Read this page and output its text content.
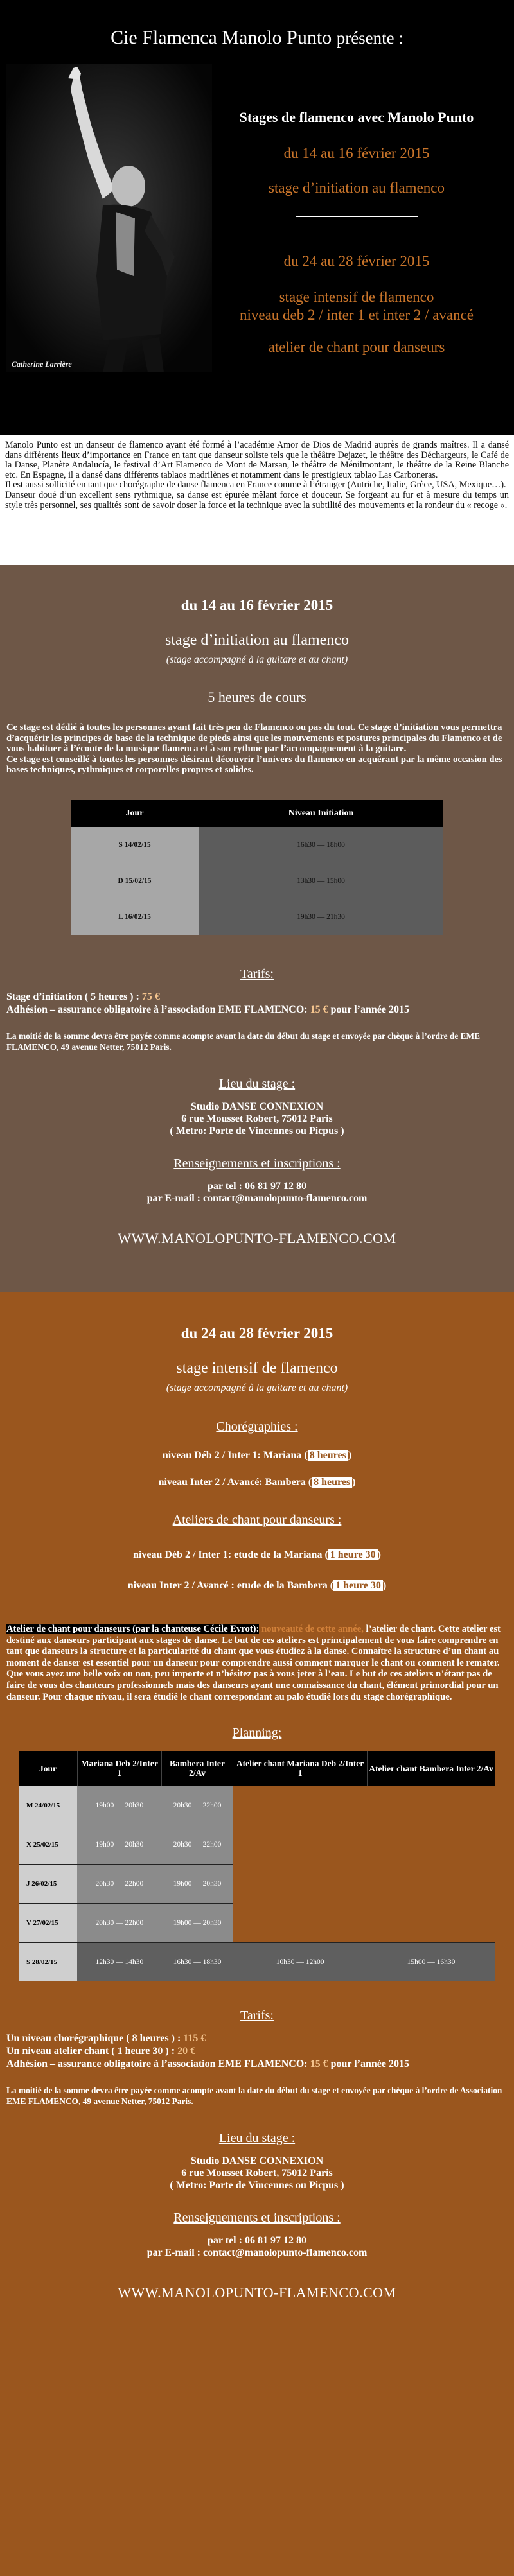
Cie Flamenca Manolo Punto présente :
Catherine Larrière
Stages de flamenco avec Manolo Punto
du 14 au 16 février 2015
stage d’initiation au flamenco
du 24 au 28 février 2015
stage intensif de flamenco
niveau deb 2 / inter 1 et inter 2 / avancé
atelier de chant pour danseurs

Manolo Punto est un danseur de flamenco ayant été formé à l’académie Amor de Dios de Madrid auprès de grands maîtres. Il a dansé dans différents lieux d’importance en France en tant que danseur soliste tels que le théâtre Dejazet, le théâtre des Déchargeurs, le Café de la Danse, Planète Andalucía, le festival d’Art Flamenco de Mont de Marsan, le théâtre de Ménilmontant, le théâtre de la Reine Blanche etc. En Espagne, il a dansé dans différents tablaos madrilènes et notamment dans le prestigieux tablao Las Carboneras.

Il est aussi sollicité en tant que chorégraphe de danse flamenca en France comme à l’étranger (Autriche, Italie, Grèce, USA, Mexique…).

Danseur doué d’un excellent sens rythmique, sa danse est épurée mêlant force et douceur. Se forgeant au fur et à mesure du temps un style très personnel, ses qualités sont de savoir doser la force et la technique avec la subtilité des mouvements et la rondeur du « recoge ».

du 14 au 16 février 2015
stage d’initiation au flamenco
(stage accompagné à la guitare et au chant)
5 heures de cours

Ce stage est dédié à toutes les personnes ayant fait très peu de Flamenco ou pas du tout. Ce stage d’initiation vous permettra d’acquérir les principes de base de la technique de pieds ainsi que les mouvements et postures principales du Flamenco et de vous habituer à l’écoute de la musique flamenca et à son rythme par l’accompagnement à la guitare.

Ce stage est conseillé à toutes les personnes désirant découvrir l’univers du flamenco en acquérant par la même occasion des bases techniques, rythmiques et corporelles propres et solides.

Jour	Niveau Initiation
S 14/02/15	16h30 — 18h00
D 15/02/15	13h30 — 15h00
L 16/02/15	19h30 — 21h30
Tarifs:
Stage d’initiation ( 5 heures ) : 75 €
Adhésion – assurance obligatoire à l’association EME FLAMENCO: 15 € pour l’année 2015
La moitié de la somme devra être payée comme acompte avant la date du début du stage et envoyée par chèque à l’ordre de EME FLAMENCO, 49 avenue Netter, 75012 Paris.
Lieu du stage :
Studio DANSE CONNEXION
6 rue Mousset Robert, 75012 Paris
( Metro: Porte de Vincennes ou Picpus )
Renseignements et inscriptions :
par tel : 06 81 97 12 80
par E-mail : contact@manolopunto-flamenco.com
WWW.MANOLOPUNTO-FLAMENCO.COM
du 24 au 28 février 2015
stage intensif de flamenco
(stage accompagné à la guitare et au chant)
Chorégraphies :
niveau Déb 2 / Inter 1: Mariana ( 8 heures )
niveau Inter 2 / Avancé: Bambera ( 8 heures )
Ateliers de chant pour danseurs :
niveau Déb 2 / Inter 1: etude de la Mariana ( 1 heure 30 )
niveau Inter 2 / Avancé : etude de la Bambera ( 1 heure 30 )
Atelier de chant pour danseurs (par la chanteuse Cécile Evrot): nouveauté de cette année, l’atelier de chant. Cette atelier est destiné aux danseurs participant aux stages de danse. Le but de ces ateliers est principalement de vous faire comprendre en tant que danseurs la structure et la particularité du chant que vous étudiez à la danse. Connaître la structure d’un chant au moment de danser est essentiel pour un danseur pour comprendre aussi comment marquer le chant ou comment le remater. Que vous ayez une belle voix ou non, peu importe et n’hésitez pas à vous jeter à l’eau. Le but de ces ateliers n’étant pas de faire de vous des chanteurs professionnels mais des danseurs ayant une connaissance du chant, élément primordial pour un danseur. Pour chaque niveau, il sera étudié le chant correspondant au palo étudié lors du stage chorégraphique.
Planning:
Jour	Mariana Deb 2/Inter 1	Bambera Inter 2/Av	Atelier chant Mariana Deb 2/Inter 1	Atelier chant Bambera Inter 2/Av
M 24/02/15	19h00 — 20h30	20h30 — 22h00		
Х 25/02/15	19h00 — 20h30	20h30 — 22h00		
J 26/02/15	20h30 — 22h00	19h00 — 20h30		
V 27/02/15	20h30 — 22h00	19h00 — 20h30		
S 28/02/15	12h30 — 14h30	16h30 — 18h30	10h30 — 12h00	15h00 — 16h30
Tarifs:
Un niveau chorégraphique ( 8 heures ) : 115 €
Un niveau atelier chant ( 1 heure 30 ) : 20 €
Adhésion – assurance obligatoire à l’association EME FLAMENCO: 15 € pour l’année 2015
La moitié de la somme devra être payée comme acompte avant la date du début du stage et envoyée par chèque à l’ordre de Association EME FLAMENCO, 49 avenue Netter, 75012 Paris.
Lieu du stage :
Studio DANSE CONNEXION
6 rue Mousset Robert, 75012 Paris
( Metro: Porte de Vincennes ou Picpus )
Renseignements et inscriptions :
par tel : 06 81 97 12 80
par E-mail : contact@manolopunto-flamenco.com
WWW.MANOLOPUNTO-FLAMENCO.COM
